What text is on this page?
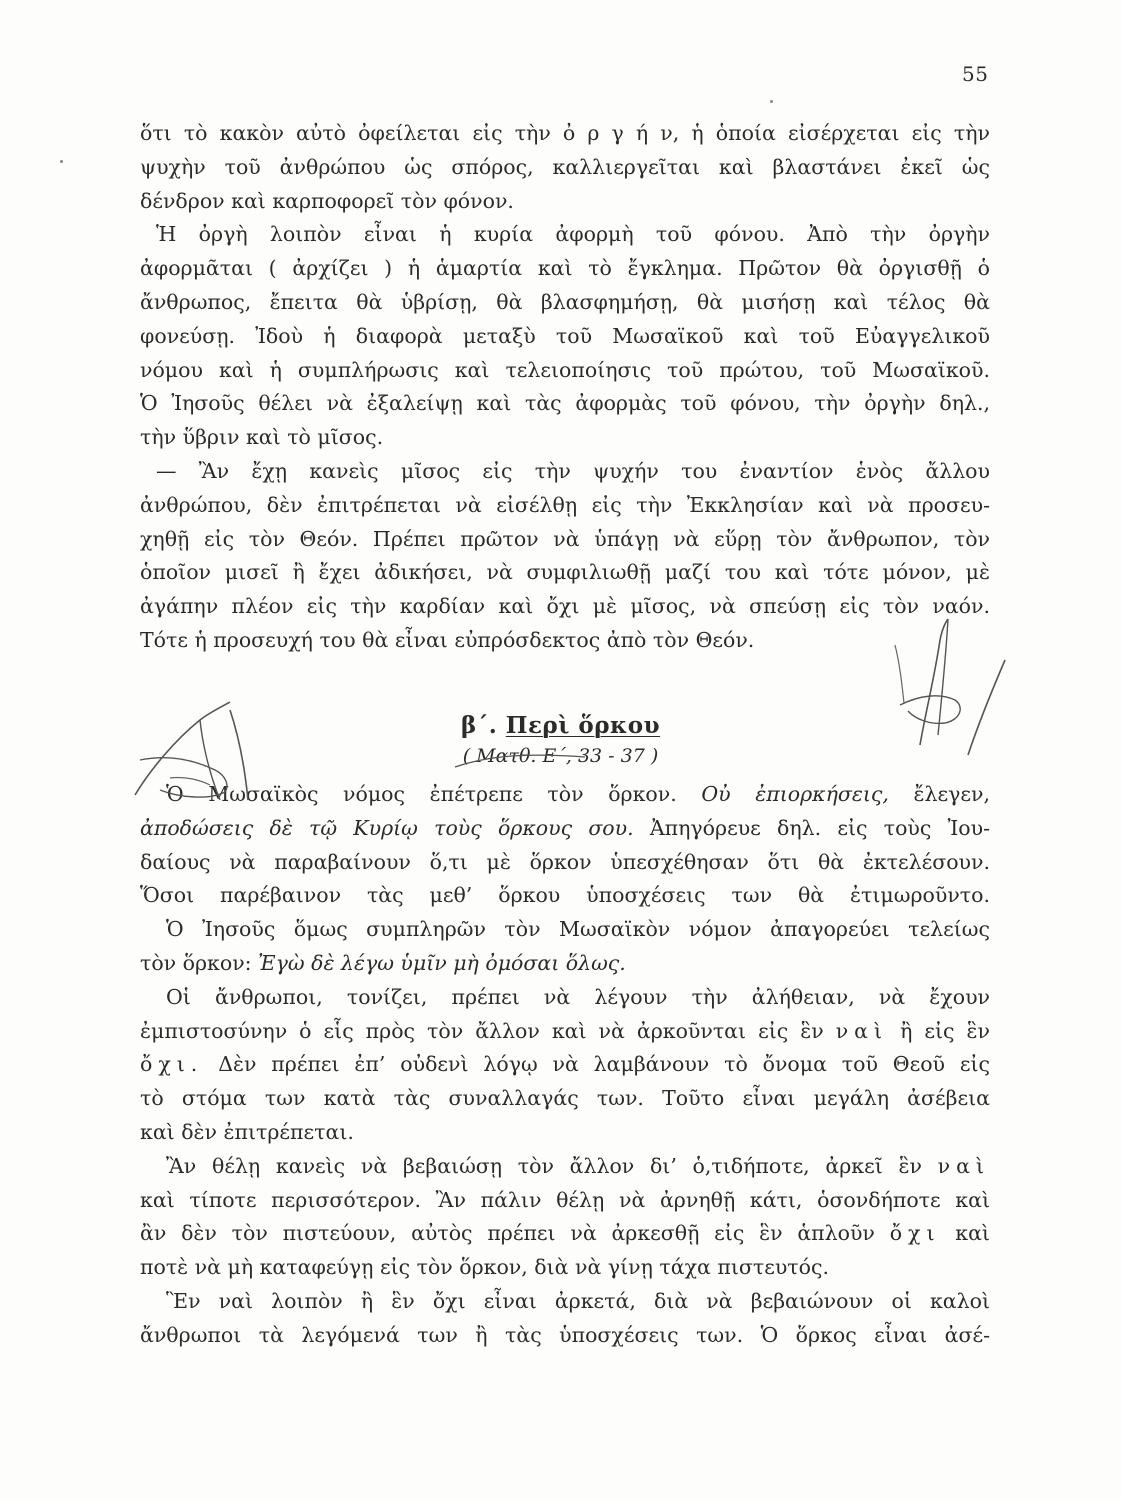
55
ὅτι τὸ κακὸν αὐτὸ ὀφείλεται εἰς τὴν ὀ ρ γ ή ν, ἡ ὁποία εἰσέρχεται εἰς τὴν
ψυχὴν τοῦ ἀνθρώπου ὡς σπόρος, καλλιεργεῖται καὶ βλαστάνει ἐκεῖ ὡς
δένδρον καὶ καρποφορεῖ τὸν φόνον.
Ἡ ὀργὴ λοιπὸν εἶναι ἡ κυρία ἀφορμὴ τοῦ φόνου. Ἀπὸ τὴν ὀργὴν
ἀφορμᾶται ( ἀρχίζει ) ἡ ἁμαρτία καὶ τὸ ἔγκλημα. Πρῶτον θὰ ὀργισθῇ ὁ
ἄνθρωπος, ἔπειτα θὰ ὑβρίσῃ, θὰ βλασφημήσῃ, θὰ μισήσῃ καὶ τέλος θὰ
φονεύσῃ. Ἰδοὺ ἡ διαφορὰ μεταξὺ τοῦ Μωσαϊκοῦ καὶ τοῦ Εὐαγγελικοῦ
νόμου καὶ ἡ συμπλήρωσις καὶ τελειοποίησις τοῦ πρώτου, τοῦ Μωσαϊκοῦ.
Ὁ Ἰησοῦς θέλει νὰ ἐξαλείψῃ καὶ τὰς ἀφορμὰς τοῦ φόνου, τὴν ὀργὴν δηλ.,
τὴν ὕβριν καὶ τὸ μῖσος.
— Ἂν ἔχῃ κανεὶς μῖσος εἰς τὴν ψυχήν του ἐναντίον ἑνὸς ἄλλου
ἀνθρώπου, δὲν ἐπιτρέπεται νὰ εἰσέλθῃ εἰς τὴν Ἐκκλησίαν καὶ νὰ προσευ-
χηθῇ εἰς τὸν Θεόν. Πρέπει πρῶτον νὰ ὑπάγῃ νὰ εὕρῃ τὸν ἄνθρωπον, τὸν
ὁποῖον μισεῖ ἢ ἔχει ἀδικήσει, νὰ συμφιλιωθῇ μαζί του καὶ τότε μόνον, μὲ
ἀγάπην πλέον εἰς τὴν καρδίαν καὶ ὄχι μὲ μῖσος, νὰ σπεύσῃ εἰς τὸν ναόν.
Τότε ἡ προσευχή του θὰ εἶναι εὐπρόσδεκτος ἀπὸ τὸν Θεόν.
β΄. Περὶ ὅρκου
( Ματθ. Ε΄, 33 - 37 )
Ὁ Μωσαϊκὸς νόμος ἐπέτρεπε τὸν ὅρκον. Οὐ ἐπιορκήσεις, ἔλεγεν,
ἀποδώσεις δὲ τῷ Κυρίῳ τοὺς ὅρκους σου. Ἀπηγόρευε δηλ. εἰς τοὺς Ἰου-
δαίους νὰ παραβαίνουν ὅ,τι μὲ ὅρκον ὑπεσχέθησαν ὅτι θὰ ἐκτελέσουν.
Ὅσοι παρέβαινον τὰς μεθ’ ὅρκου ὑποσχέσεις των θὰ ἐτιμωροῦντο.
Ὁ Ἰησοῦς ὅμως συμπληρῶν τὸν Μωσαϊκὸν νόμον ἀπαγορεύει τελείως
τὸν ὅρκον: Ἐγὼ δὲ λέγω ὑμῖν μὴ ὀμόσαι ὅλως.
Οἱ ἄνθρωποι, τονίζει, πρέπει νὰ λέγουν τὴν ἀλήθειαν, νὰ ἔχουν
ἐμπιστοσύνην ὁ εἷς πρὸς τὸν ἄλλον καὶ νὰ ἀρκοῦνται εἰς ἓν ναὶ ἢ εἰς ἓν
ὄχι. Δὲν πρέπει ἐπ’ οὐδενὶ λόγῳ νὰ λαμβάνουν τὸ ὄνομα τοῦ Θεοῦ εἰς
τὸ στόμα των κατὰ τὰς συναλλαγάς των. Τοῦτο εἶναι μεγάλη ἀσέβεια
καὶ δὲν ἐπιτρέπεται.
Ἂν θέλῃ κανεὶς νὰ βεβαιώσῃ τὸν ἄλλον δι’ ὁ,τιδήποτε, ἀρκεῖ ἓν ναὶ
καὶ τίποτε περισσότερον. Ἂν πάλιν θέλῃ νὰ ἀρνηθῇ κάτι, ὁσονδήποτε καὶ
ἂν δὲν τὸν πιστεύουν, αὐτὸς πρέπει νὰ ἀρκεσθῇ εἰς ἓν ἁπλοῦν ὄχι καὶ
ποτὲ νὰ μὴ καταφεύγῃ εἰς τὸν ὅρκον, διὰ νὰ γίνῃ τάχα πιστευτός.
Ἓν ναὶ λοιπὸν ἢ ἓν ὄχι εἶναι ἀρκετά, διὰ νὰ βεβαιώνουν οἱ καλοὶ
ἄνθρωποι τὰ λεγόμενά των ἢ τὰς ὑποσχέσεις των. Ὁ ὅρκος εἶναι ἀσέ-
